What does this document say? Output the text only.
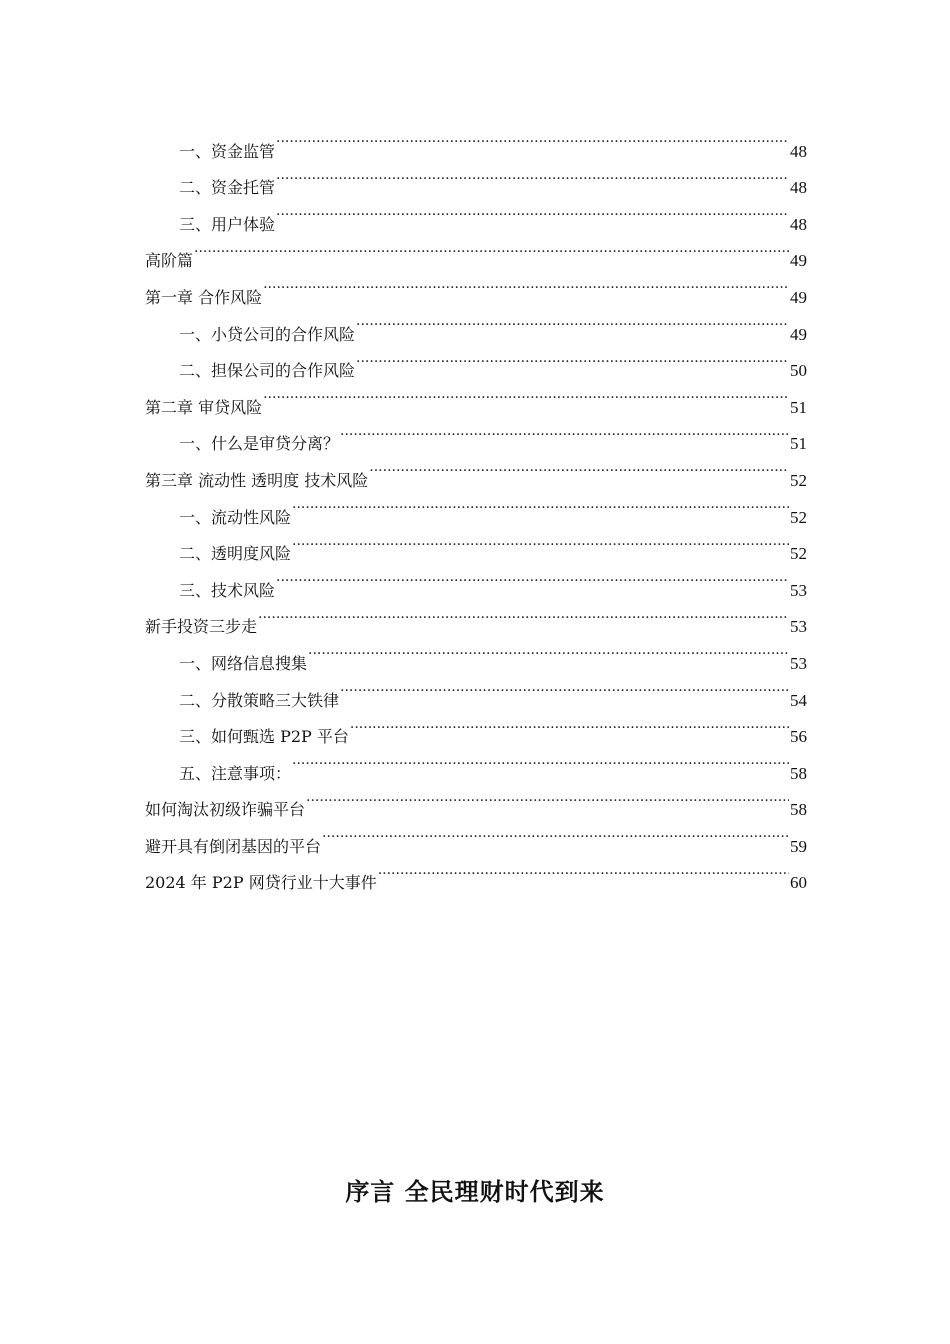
一、资金监管 .....	48
二、资金托管 .....	48
三、用户体验 .....	48
高阶篇 .....	49
第一章 合作风险 .....	49
一、小贷公司的合作风险 .....	49
二、担保公司的合作风险 .....	50
第二章 审贷风险 .....	51
一、什么是审贷分离？ .....	51
第三章 流动性 透明度 技术风险 .....	52
一、流动性风险 .....	52
二、透明度风险 .....	52
三、技术风险 .....	53
新手投资三步走 .....	53
一、网络信息搜集 .....	53
二、分散策略三大铁律 .....	54
三、如何甄选 P2P 平台 .....	56
五、注意事项： .....	58
如何淘汰初级诈骗平台 .....	58
避开具有倒闭基因的平台 .....	59
2024 年 P2P 网贷行业十大事件 .....	60
序言 全民理财时代到来
